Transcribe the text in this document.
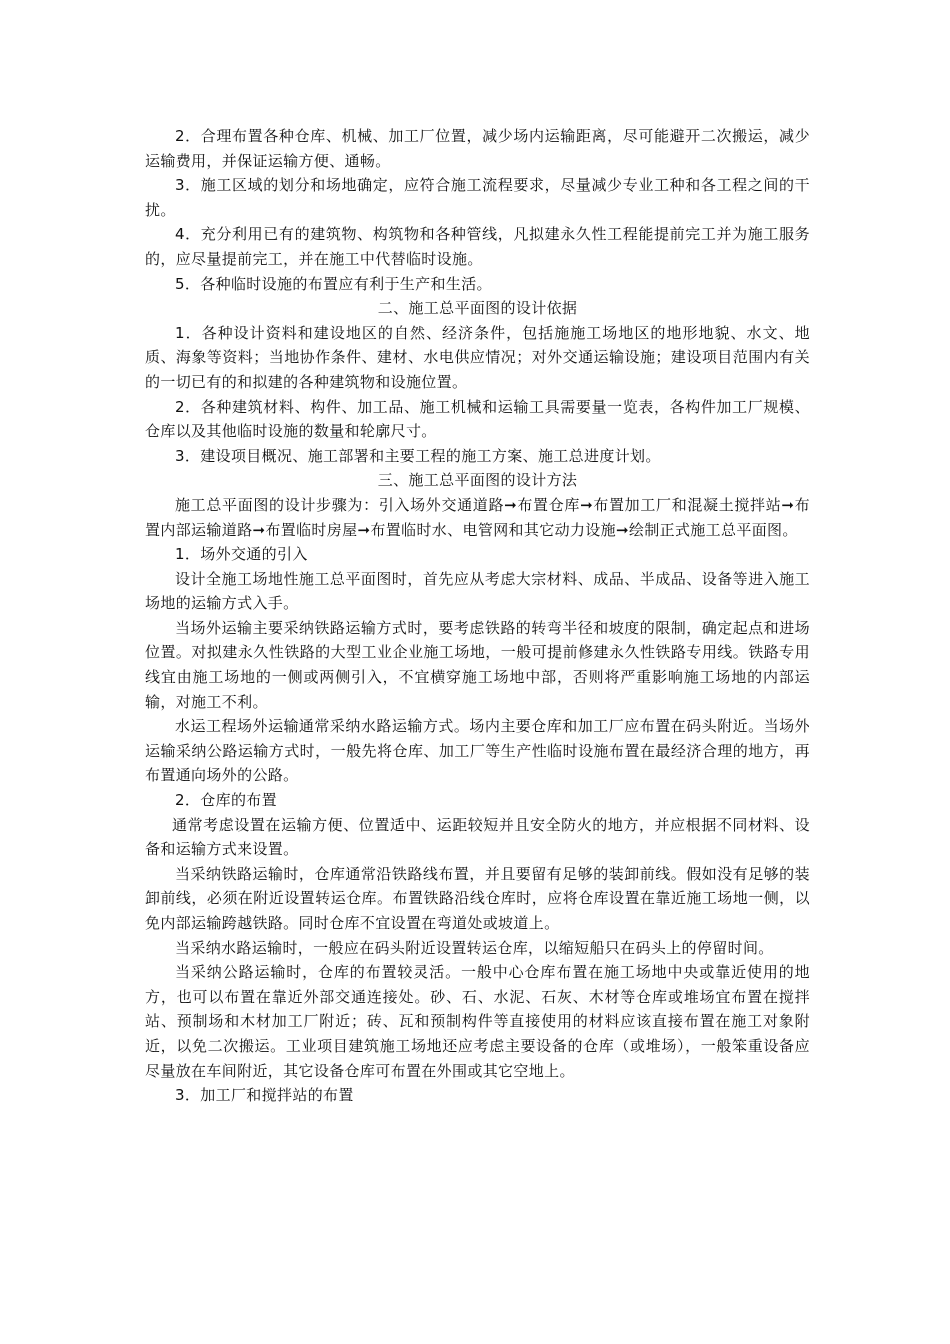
2．合理布置各种仓库、机械、加工厂位置，减少场内运输距离，尽可能避开二次搬运，减少运输费用，并保证运输方便、通畅。

3．施工区域的划分和场地确定，应符合施工流程要求，尽量减少专业工种和各工程之间的干扰。

4．充分利用已有的建筑物、构筑物和各种管线，凡拟建永久性工程能提前完工并为施工服务的，应尽量提前完工，并在施工中代替临时设施。

5．各种临时设施的布置应有利于生产和生活。

二、施工总平面图的设计依据

1．各种设计资料和建设地区的自然、经济条件，包括施施工场地区的地形地貌、水文、地质、海象等资料；当地协作条件、建材、水电供应情况；对外交通运输设施；建设项目范围内有关的一切已有的和拟建的各种建筑物和设施位置。

2．各种建筑材料、构件、加工品、施工机械和运输工具需要量一览表，各构件加工厂规模、仓库以及其他临时设施的数量和轮廓尺寸。

3．建设项目概况、施工部署和主要工程的施工方案、施工总进度计划。

三、施工总平面图的设计方法

施工总平面图的设计步骤为：引入场外交通道路➞布置仓库➞布置加工厂和混凝土搅拌站➞布置内部运输道路➞布置临时房屋➞布置临时水、电管网和其它动力设施➞绘制正式施工总平面图。

1．场外交通的引入

设计全施工场地性施工总平面图时，首先应从考虑大宗材料、成品、半成品、设备等进入施工场地的运输方式入手。

当场外运输主要采纳铁路运输方式时，要考虑铁路的转弯半径和坡度的限制，确定起点和进场位置。对拟建永久性铁路的大型工业企业施工场地，一般可提前修建永久性铁路专用线。铁路专用线宜由施工场地的一侧或两侧引入，不宜横穿施工场地中部，否则将严重影响施工场地的内部运输，对施工不利。

水运工程场外运输通常采纳水路运输方式。场内主要仓库和加工厂应布置在码头附近。当场外运输采纳公路运输方式时，一般先将仓库、加工厂等生产性临时设施布置在最经济合理的地方，再布置通向场外的公路。

2．仓库的布置

通常考虑设置在运输方便、位置适中、运距较短并且安全防火的地方，并应根据不同材料、设备和运输方式来设置。

当采纳铁路运输时，仓库通常沿铁路线布置，并且要留有足够的装卸前线。假如没有足够的装卸前线，必须在附近设置转运仓库。布置铁路沿线仓库时，应将仓库设置在靠近施工场地一侧，以免内部运输跨越铁路。同时仓库不宜设置在弯道处或坡道上。

当采纳水路运输时，一般应在码头附近设置转运仓库，以缩短船只在码头上的停留时间。

当采纳公路运输时，仓库的布置较灵活。一般中心仓库布置在施工场地中央或靠近使用的地方，也可以布置在靠近外部交通连接处。砂、石、水泥、石灰、木材等仓库或堆场宜布置在搅拌站、预制场和木材加工厂附近；砖、瓦和预制构件等直接使用的材料应该直接布置在施工对象附近，以免二次搬运。工业项目建筑施工场地还应考虑主要设备的仓库（或堆场），一般笨重设备应尽量放在车间附近，其它设备仓库可布置在外围或其它空地上。

3．加工厂和搅拌站的布置
